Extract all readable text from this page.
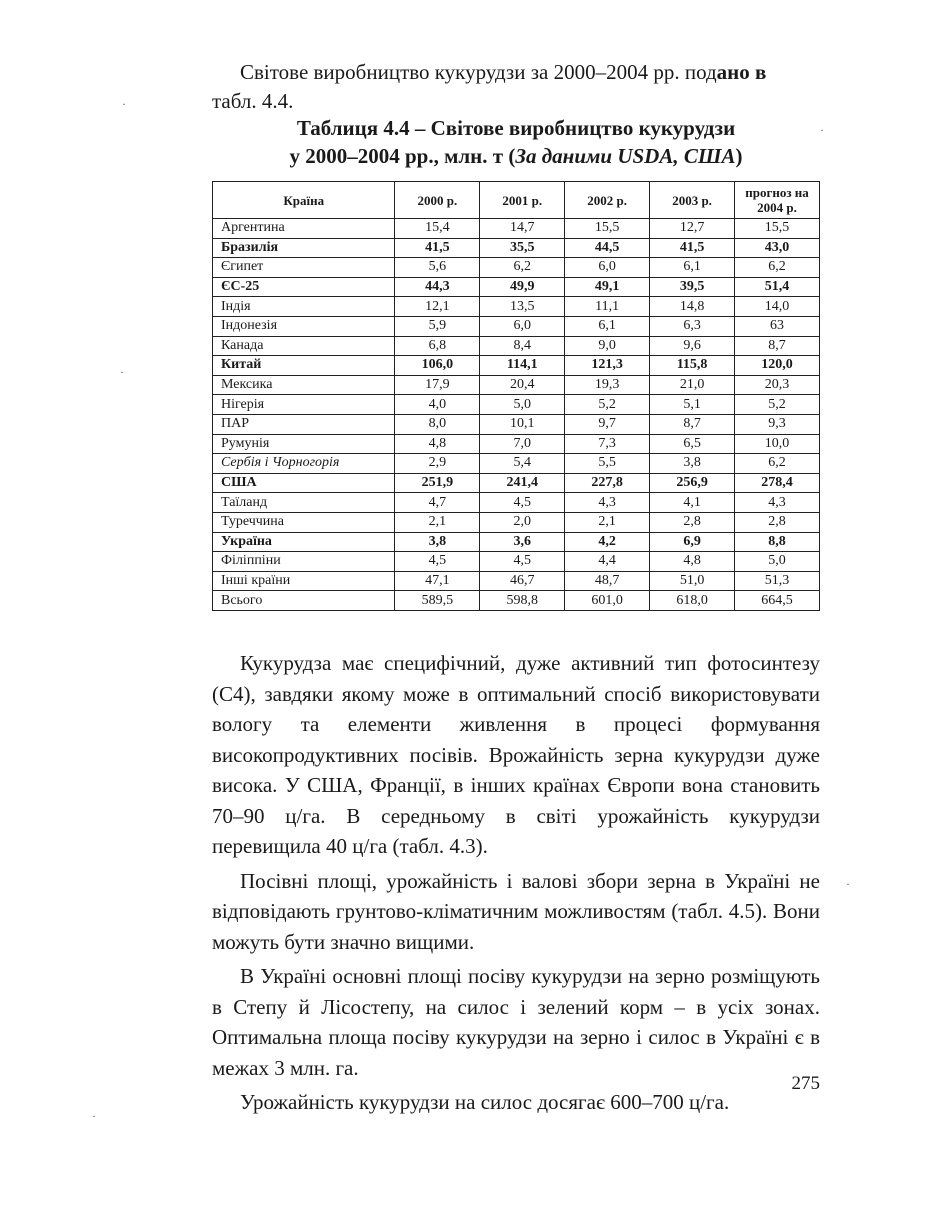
Світове виробництво кукурудзи за 2000–2004 рр. подано в
табл. 4.4.

Таблиця 4.4 – Світове виробництво кукурудзи
у 2000–2004 рр., млн. т (За даними USDA, США)
Країна	2000 р.	2001 р.	2002 р.	2003 р.	прогноз на 2004 р.
Аргентина	15,4	14,7	15,5	12,7	15,5
Бразилія	41,5	35,5	44,5	41,5	43,0
Єгипет	5,6	6,2	6,0	6,1	6,2
ЄС-25	44,3	49,9	49,1	39,5	51,4
Індія	12,1	13,5	11,1	14,8	14,0
Індонезія	5,9	6,0	6,1	6,3	63
Канада	6,8	8,4	9,0	9,6	8,7
Китай	106,0	114,1	121,3	115,8	120,0
Мексика	17,9	20,4	19,3	21,0	20,3
Нігерія	4,0	5,0	5,2	5,1	5,2
ПАР	8,0	10,1	9,7	8,7	9,3
Румунія	4,8	7,0	7,3	6,5	10,0
Сербія і Чорногорія	2,9	5,4	5,5	3,8	6,2
США	251,9	241,4	227,8	256,9	278,4
Таїланд	4,7	4,5	4,3	4,1	4,3
Туреччина	2,1	2,0	2,1	2,8	2,8
Україна	3,8	3,6	4,2	6,9	8,8
Філіппіни	4,5	4,5	4,4	4,8	5,0
Інші країни	47,1	46,7	48,7	51,0	51,3
Всього	589,5	598,8	601,0	618,0	664,5

Кукурудза має специфічний, дуже активний тип фотосинтезу (С4), завдяки якому може в оптимальний спосіб використовувати вологу та елементи живлення в процесі формування високопродуктивних посівів. Врожайність зерна кукурудзи дуже висока. У США, Франції, в інших країнах Європи вона становить 70–90 ц/га. В середньому в світі урожайність кукурудзи перевищила 40 ц/га (табл. 4.3).

Посівні площі, урожайність і валові збори зерна в Україні не відповідають грунтово-кліматичним можливостям (табл. 4.5). Вони можуть бути значно вищими.

В Україні основні площі посіву кукурудзи на зерно розміщують в Степу й Лісостепу, на силос і зелений корм – в усіх зонах. Оптимальна площа посіву кукурудзи на зерно і силос в Україні є в межах 3 млн. га.

Урожайність кукурудзи на силос досягає 600–700 ц/га.

275
·
·
·
·
·
